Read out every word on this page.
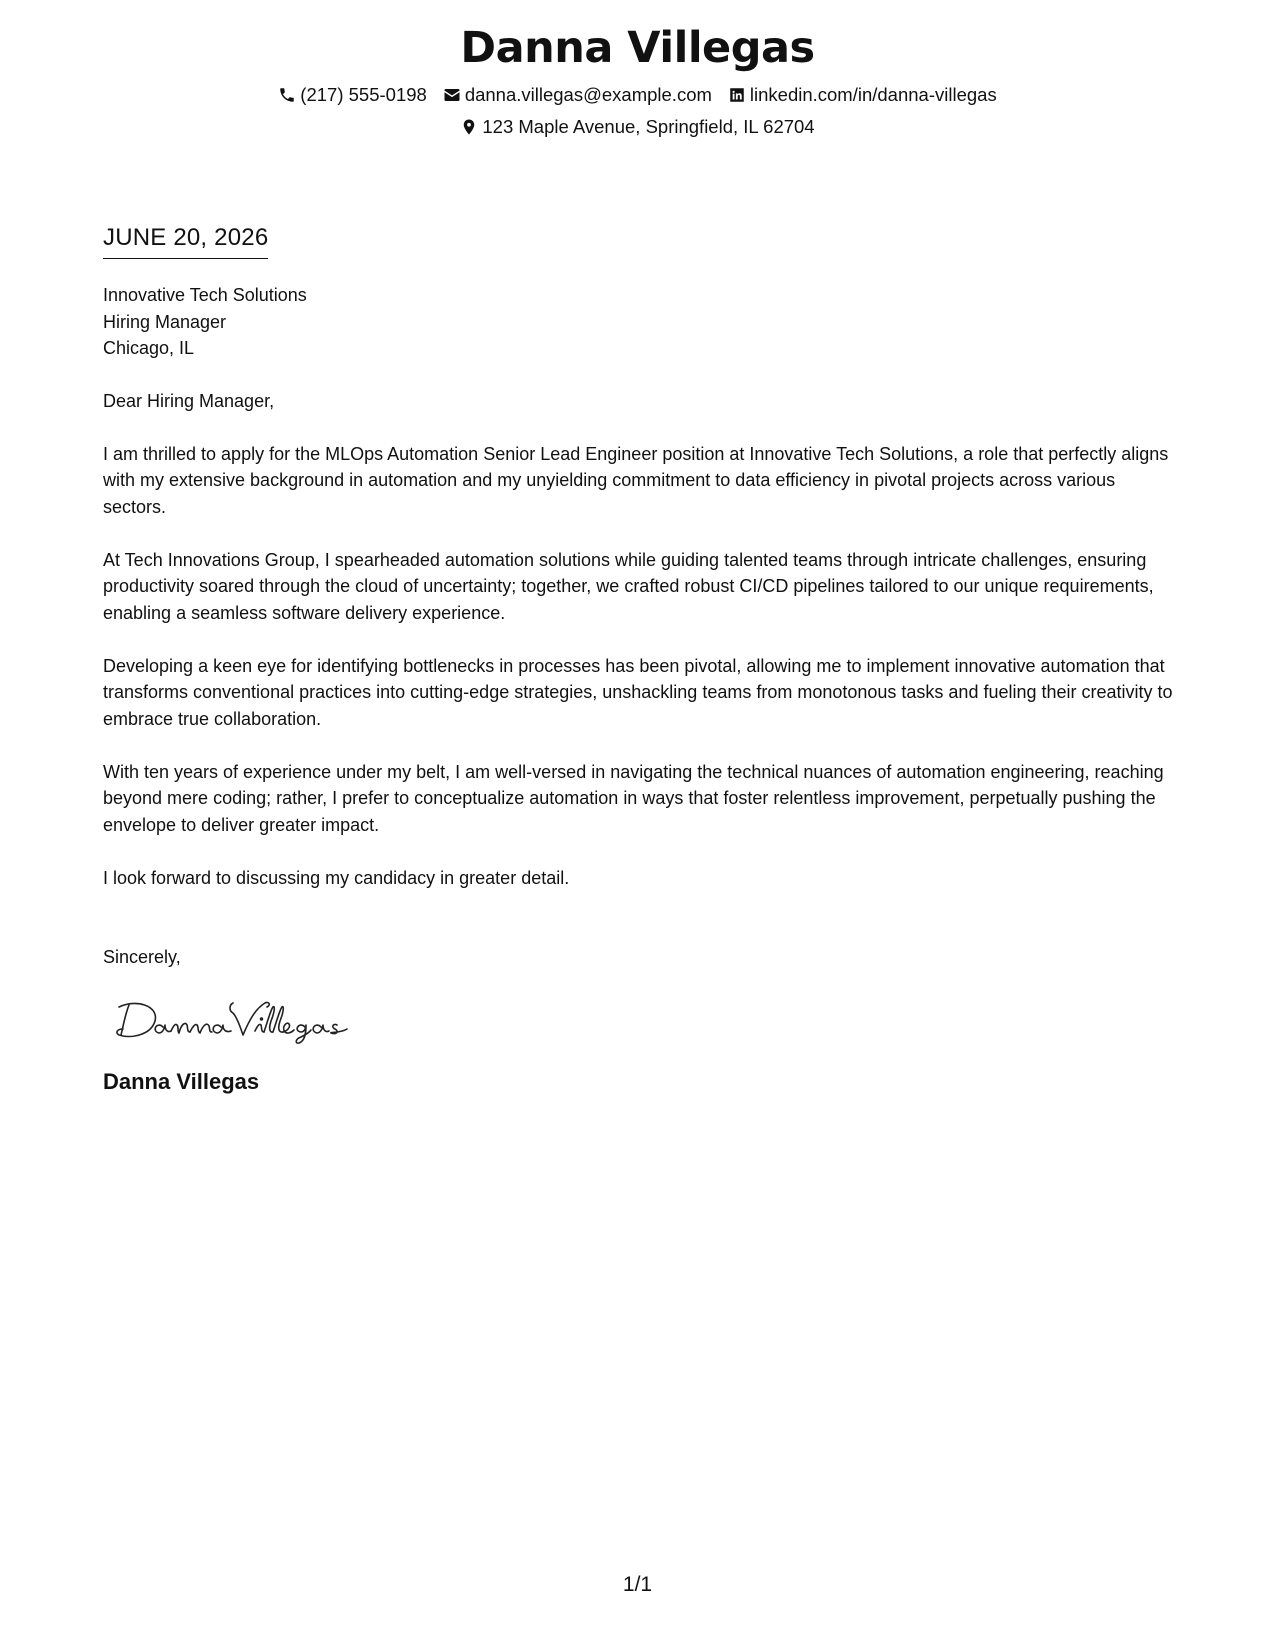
Danna Villegas
(217) 555-0198 danna.villegas@example.com linkedin.com/in/danna-villegas
123 Maple Avenue, Springfield, IL 62704
JUNE 20, 2026
Innovative Tech Solutions
Hiring Manager
Chicago, IL
Dear Hiring Manager,
I am thrilled to apply for the MLOps Automation Senior Lead Engineer position at Innovative Tech Solutions, a role that perfectly aligns with my extensive background in automation and my unyielding commitment to data efficiency in pivotal projects across various sectors.
At Tech Innovations Group, I spearheaded automation solutions while guiding talented teams through intricate challenges, ensuring productivity soared through the cloud of uncertainty; together, we crafted robust CI/CD pipelines tailored to our unique requirements, enabling a seamless software delivery experience.
Developing a keen eye for identifying bottlenecks in processes has been pivotal, allowing me to implement innovative automation that transforms conventional practices into cutting-edge strategies, unshackling teams from monotonous tasks and fueling their creativity to embrace true collaboration.
With ten years of experience under my belt, I am well-versed in navigating the technical nuances of automation engineering, reaching beyond mere coding; rather, I prefer to conceptualize automation in ways that foster relentless improvement, perpetually pushing the envelope to deliver greater impact.
I look forward to discussing my candidacy in greater detail.
Sincerely,
Danna Villegas
1/1
